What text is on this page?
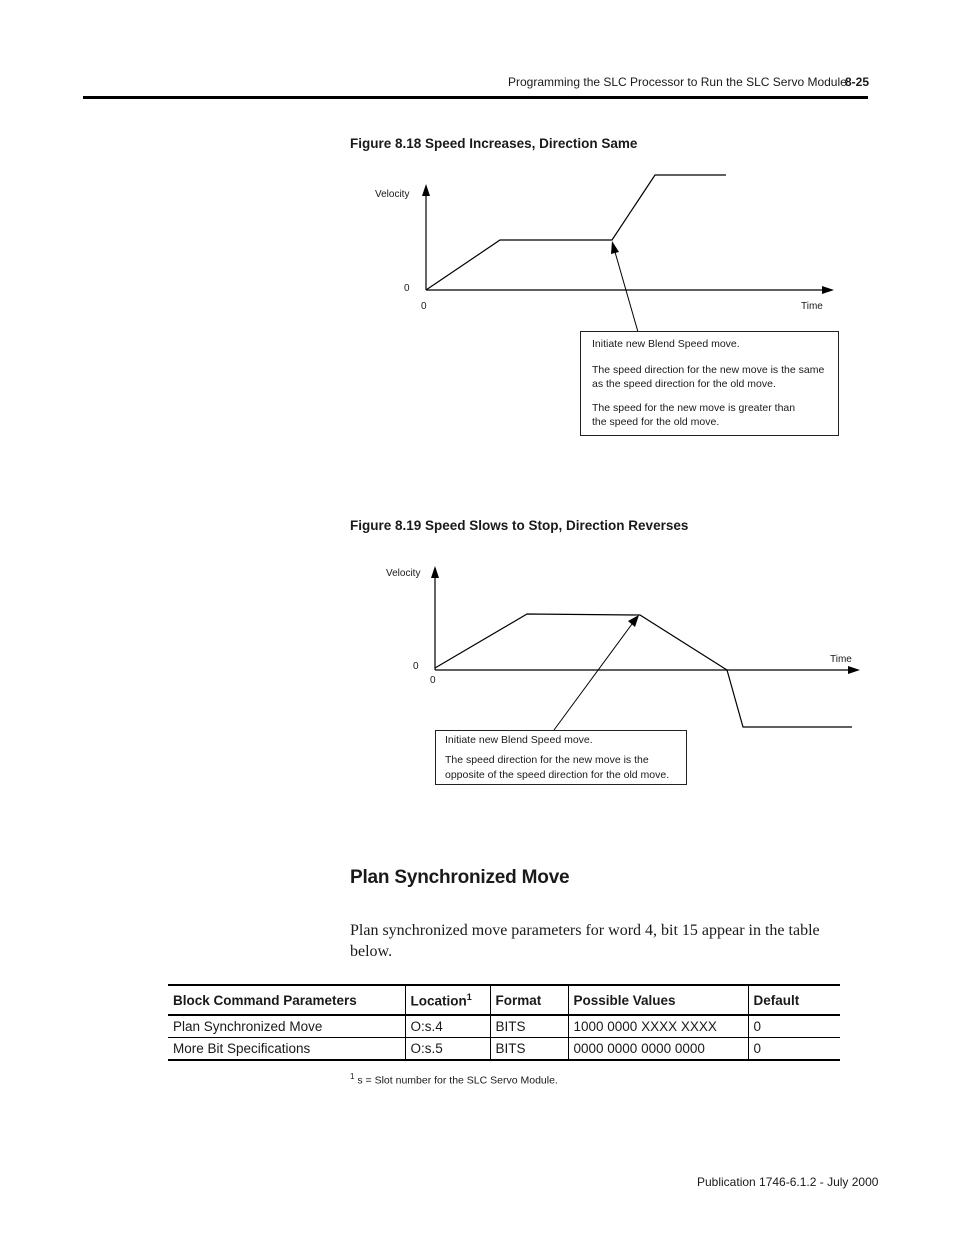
Programming the SLC Processor to Run the SLC Servo Module
8-25
Figure 8.18 Speed Increases, Direction Same
Velocity
0
0	Time

Initiate new Blend Speed move.

The speed direction for the new move is the same as the speed direction for the old move.

The speed for the new move is greater than the speed for the old move.

Figure 8.19 Speed Slows to Stop, Direction Reverses
Velocity
0
0
Time

Initiate new Blend Speed move.

The speed direction for the new move is the opposite of the speed direction for the old move.

Plan Synchronized Move
Plan synchronized move parameters for word 4, bit 15 appear in the table below.
Block Command Parameters	Location$^1$	Format	Possible Values	Default
Plan Synchronized Move	O:s.4	BITS	1000 0000 XXXX XXXX	0
More Bit Specifications	O:s.5	BITS	0000 0000 0000 0000	0
$^1$ s = Slot number for the SLC Servo Module.
Publication 1746-6.1.2 - July 2000
